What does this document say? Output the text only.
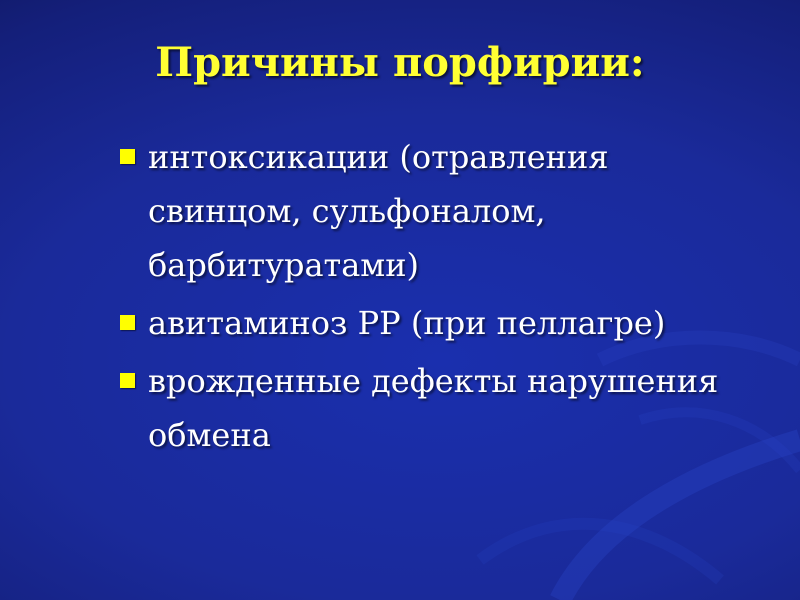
Причины порфирии:
интоксикации (отравления свинцом, сульфоналом, барбитуратами)
авитаминоз РР (при пеллагре)
врожденные дефекты нарушения обмена
